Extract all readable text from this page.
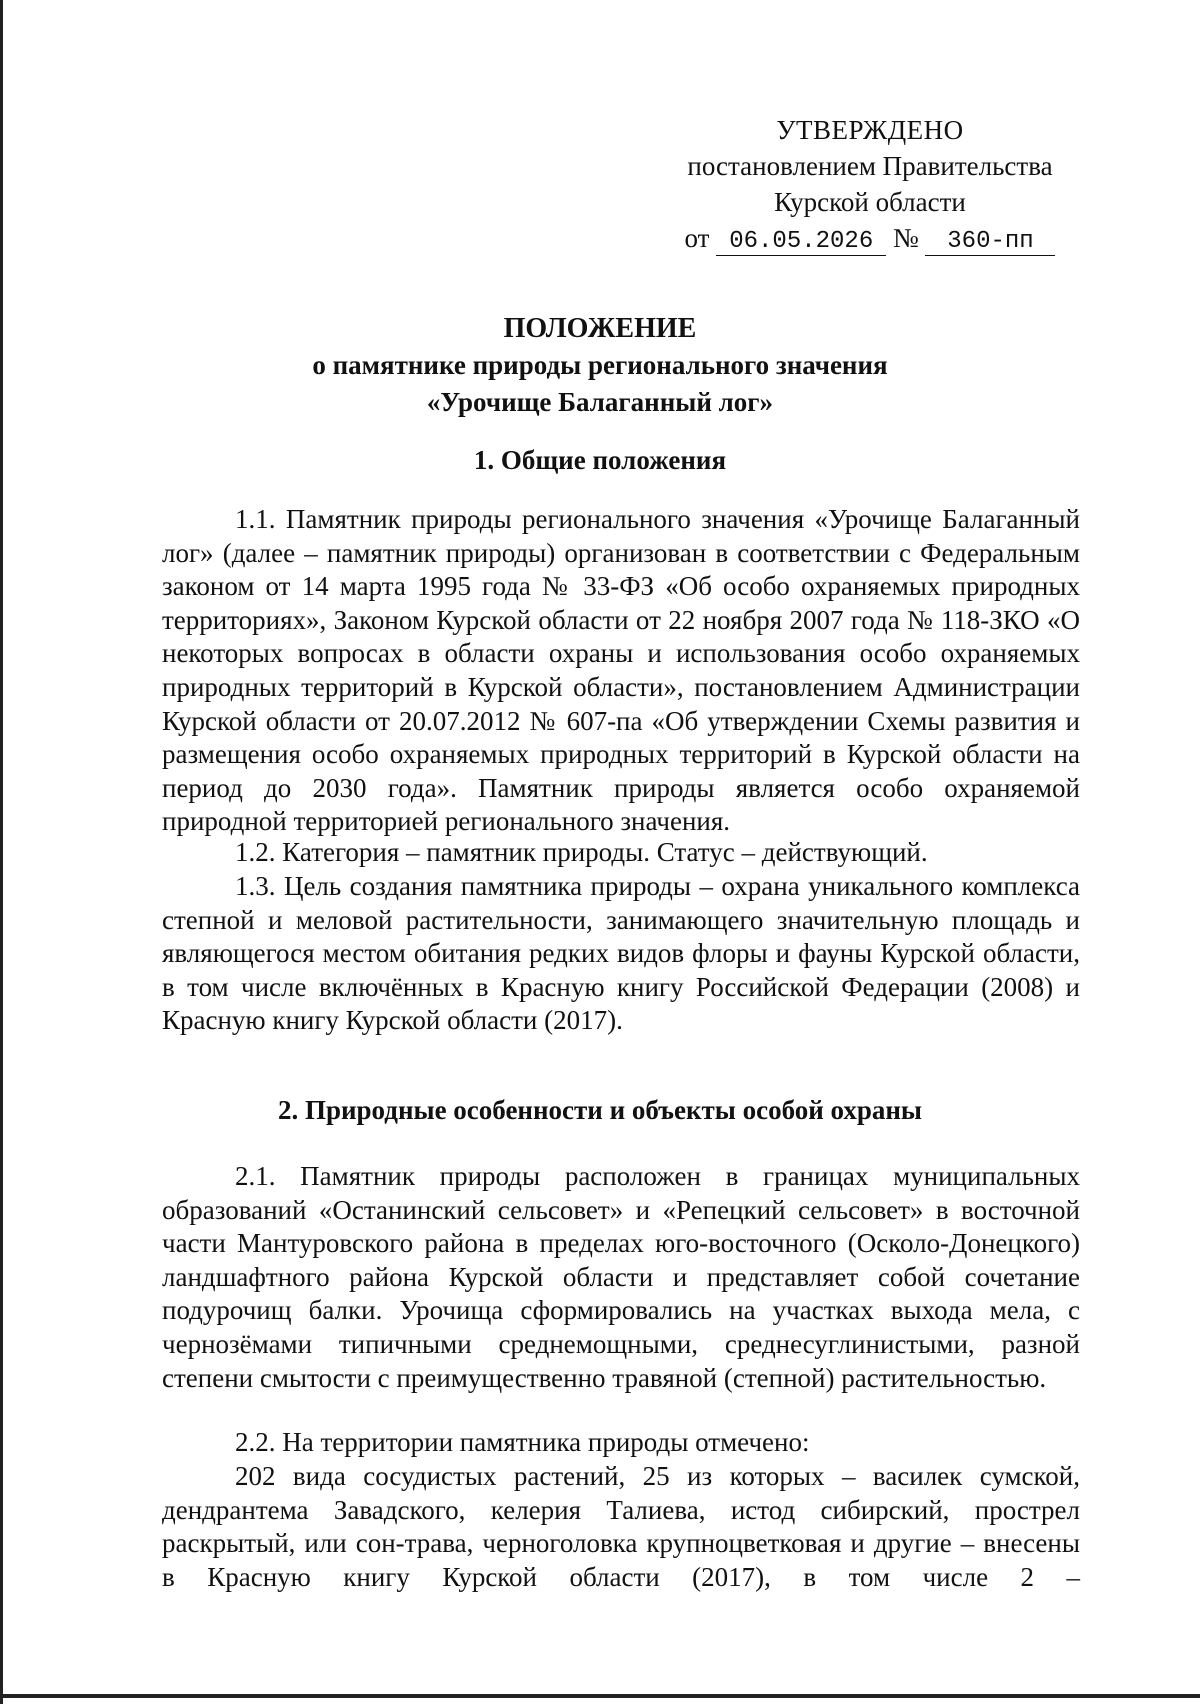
УТВЕРЖДЕНО
постановлением Правительства
Курской области
от 06.05.2026 № 360-пп
ПОЛОЖЕНИЕ
о памятнике природы регионального значения
«Урочище Балаганный лог»
1. Общие положения

1.1. Памятник природы регионального значения «Урочище Балаганный лог» (далее – памятник природы) организован в соответствии с Федеральным законом от 14 марта 1995 года № 33-ФЗ «Об особо охраняемых природных территориях», Законом Курской области от 22 ноября 2007 года № 118-ЗКО «О некоторых вопросах в области охраны и использования особо охраняемых природных территорий в Курской области», постановлением Администрации Курской области от 20.07.2012 № 607-па «Об утверждении Схемы развития и размещения особо охраняемых природных территорий в Курской области на период до 2030 года». Памятник природы является особо охраняемой природной территорией регионального значения.

1.2. Категория – памятник природы. Статус – действующий.

1.3. Цель создания памятника природы – охрана уникального комплекса степной и меловой растительности, занимающего значительную площадь и являющегося местом обитания редких видов флоры и фауны Курской области, в том числе включённых в Красную книгу Российской Федерации (2008) и Красную книгу Курской области (2017).

2. Природные особенности и объекты особой охраны

2.1. Памятник природы расположен в границах муниципальных образований «Останинский сельсовет» и «Репецкий сельсовет» в восточной части Мантуровского района в пределах юго-восточного (Осколо-Донецкого) ландшафтного района Курской области и представляет собой сочетание подурочищ балки. Урочища сформировались на участках выхода мела, с чернозёмами типичными среднемощными, среднесуглинистыми, разной степени смытости с преимущественно травяной (степной) растительностью.

2.2. На территории памятника природы отмечено:

202 вида сосудистых растений, 25 из которых – василек сумской, дендрантема Завадского, келерия Талиева, истод сибирский, прострел раскрытый, или сон-трава, черноголовка крупноцветковая и другие – внесены в Красную книгу Курской области (2017), в том числе 2 –
